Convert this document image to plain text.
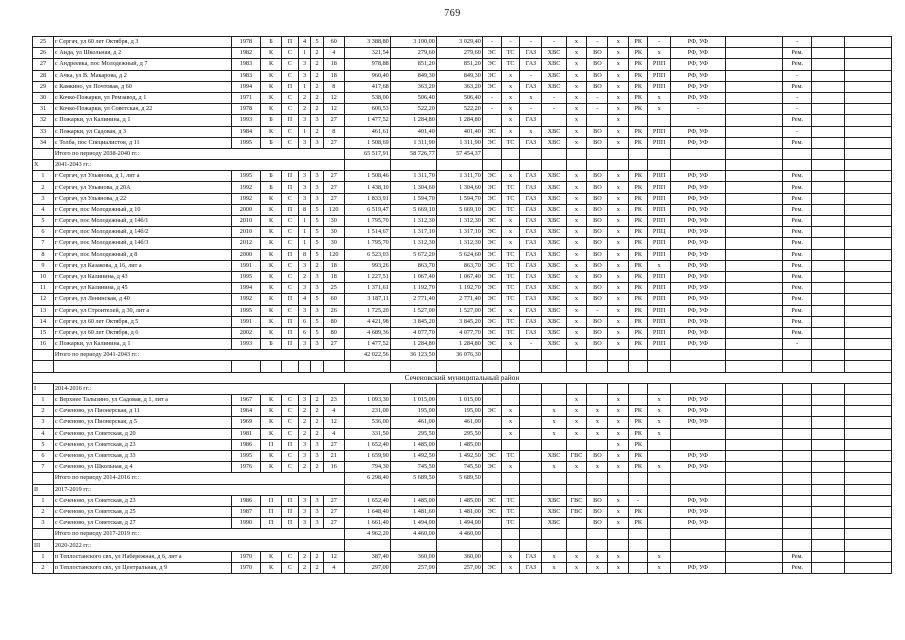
769
25	г Сергач, ул 60 лет Октября, д 3	1978	Б	П	4	5	60	3 388,80	3 100,00	3 029,40	-	-	-	-	х	-	х	РК	-	РФ, УФ		-		
26	с Аида, ул Школьная, д 2	1982	К	С	1	2	4	321,54	279,60	279,60	ЭС	ТС	ГАЗ	ХВС	х	ВО	х	РК	х	РФ, УФ		Рем.		
27	с Андреевка, пос Молодежный, д 7	1983	К	С	3	2	18	978,88	851,20	851,20	ЭС	ТС	ГАЗ	ХВС	х	ВО	х	РК	РПП	РФ, УФ		Рем.		
28	с Ачка, ул В. Макарова, д 2	1983	К	С	3	2	18	960,40	849,30	849,30	ЭС	х	-	ХВС	х	ВО	х	РК	РПП	РФ, УФ		-		
29	с Камкино, ул Почтовая, д 60	1994	К	П	1	2	8	417,68	363,20	363,20	ЭС	х	ГАЗ	ХВС	х	ВО	х	РК	РПП	РФ, УФ		Рем.		
30	с Кочко-Пожарки, ул Ремзавод, д 1	1971	К	С	2	2	12	538,00	506,40	506,40	-	х	х	-	х	-	х	РК	х	РФ, УФ		-		
31	с Кочко-Пожарки, ул Советская, д 22	1978	К	С	2	2	12	600,53	522,20	522,20	-	х	-	-	х	-	х	РК	х	-		-		
32	с Пожарки, ул Калинина, д 1	1993	Б	П	3	3	27	1 477,52	1 284,80	1 284,80		х	ГАЗ		х		х					Рем.		
33	с Пожарки, ул Садовая, д 3	1984	К	С	1	2	8	461,61	401,40	401,40	ЭС	х	х	ХВС	х	ВО	х	РК	РПП	РФ, УФ		-		
34	с Толба, пос Специалистов, д 11	1995	Б	С	3	3	27	1 508,69	1 311,90	1 311,90	ЭС	ТС	ГАЗ	ХВС	х	ВО	х	РК	РПП	РФ, УФ		Рем.		
	Итого по периоду 2038-2040 гг.:							65 517,91	58 726,77	57 454,37														
X	2041-2043 гг.:																							
1	г Сергач, ул Ульянова, д 1, лит а	1995	Б	П	3	3	27	1 508,46	1 311,70	1 311,70	ЭС	х	ГАЗ	ХВС	х	ВО	х	РК	РПП	РФ, УФ		Рем.		
2	г Сергач, ул Ульянова, д 20А	1992	Б	П	3	3	27	1 438,10	1 304,60	1 304,60	ЭС	ТС	ГАЗ	ХВС	х	ВО	х	РК	РПП	РФ, УФ		Рем.		
3	г Сергач, ул Ульянова, д 22	1992	К	С	3	3	27	1 833,91	1 594,70	1 594,70	ЭС	ТС	ГАЗ	ХВС	х	ВО	х	РК	РПП	РФ, УФ		Рем.		
4	г Сергач, пос Молодежный, д 10	2000	К	П	8	5	120	6 519,47	5 669,10	5 669,10	ЭС	ТС	ГАЗ	ХВС	х	ВО	х	РК	РПП	РФ, УФ		Рем.		
5	г Сергач, пос Молодежный, д 14б/1	2010	К	С	1	5	30	1 795,70	1 312,30	1 312,30	ЭС	х	ГАЗ	ХВС	х	ВО	х	РК	РПП	РФ, УФ		Рем.		
6	г Сергач, пос Молодежный, д 14б/2	2010	К	С	1	5	30	1 514,67	1 317,10	1 317,10	ЭС	х	ГАЗ	ХВС	х	ВО	х	РК	РПЦ	РФ, УФ		Рем.		
7	г Сергач, пос Молодежный, д 14б/3	2012	К	С	1	5	30	1 795,70	1 312,30	1 312,30	ЭС	х	ГАЗ	ХВС	х	ВО	х	РК	РПП	РФ, УФ		Рем.		
8	г Сергач, пос Молодежный, д 8	2000	К	П	8	5	120	6 523,03	5 672,20	5 624,60	ЭС	ТС	ГАЗ	ХВС	х	ВО	х	РК	РПП	РФ, УФ		Рем.		
9	г Сергач, ул Казакова, д 16, лит а	1991	К	С	3	2	18	993,26	863,70	863,70	ЭС	ТС	ГАЗ	ХВС	х	ВО	х	РК	х	РФ, УФ		Рем.		
10	г Сергач, ул Калинина, д 43	1995	К	С	2	3	18	1 227,51	1 067,40	1 067,40	ЭС	ТС	ГАЗ	ХВС	х	ВО	х	РК	РПП	РФ, УФ		Рем.		
11	г Сергач, ул Калинина, д 45	1994	К	С	3	3	25	1 371,61	1 192,70	1 192,70	ЭС	ТС	ГАЗ	ХВС	х	ВО	х	РК	РПП	РФ, УФ		Рем.		
12	г Сергач, ул Ленинская, д 40	1992	К	П	4	5	60	3 187,11	2 771,40	2 771,40	ЭС	ТС	ГАЗ	ХВС	х	ВО	х	РК	РПП	РФ, УФ		Рем.		
13	г Сергач, ул Строителей, д 30, лит а	1995	К	С	3	3	26	1 725,20	1 527,00	1 527,00	ЭС	х	ГАЗ	ХВС	х	-	х	РК	РПП	РФ, УФ		Рем.		
14	г Сергач, ул 60 лет Октября, д 5	1991	К	П	6	5	80	4 421,98	3 845,20	3 845,20	ЭС	ТС	ГАЗ	ХВС	х	ВО	х	РК	РПП	РФ, УФ		Рем.		
15	г Сергач, ул 60 лет Октября, д 6	2002	К	П	6	5	80	4 689,36	4 077,70	4 077,70	ЭС	ТС	ГАЗ	ХВС	х	ВО	х	РК	РПП	РФ, УФ		Рем.		
16	с Пожарки, ул Калинина, д 1	1993	Б	П	3	3	27	1 477,52	1 284,80	1 284,80	ЭС	х	-	ХВС	х	ВО	х	РК	РПП	РФ, УФ		-		
	Итого по периоду 2041-2043 гг.:							42 022,56	36 123,50	36 076,30														

Сеченовский муниципальный район																								
I	2014-2016 гг.:																							
1	с Верхнее Талызино, ул Садовая, д 1, лит а	1967	К	С	3	2	23	1 093,30	1 015,00	1 015,00					х		х		х	РФ, УФ				
2	с Сеченово, ул Пионерская, д 11	1964	К	С	2	2	4	231,00	195,00	195,00	ЭС	х		х	х	х	х	РК	х	РФ, УФ				
3	с Сеченово, ул Пионерская, д 5	1969	К	С	2	2	12	536,00	461,00	461,00		х		х	х	х	х	РК	х	РФ, УФ				
4	с Сеченово, ул Советская, д 20	1981	К	С	2	2	4	331,50	295,50	295,50		х		х	х	х	х	РК	х					
5	с Сеченово, ул Советская, д 23	1986	П	П	3	3	27	1 652,40	1 485,00	1 485,00							х	РК						
6	с Сеченово, ул Советская, д 33	1995	К	С	3	3	21	1 659,90	1 492,50	1 492,50	ЭС	ТС		ХВС	ГВС	ВО	х	РК		РФ, УФ				
7	с Сеченово, ул Школьная, д 4	1976	К	С	2	2	16	794,30	745,50	745,50	ЭС	х		х	х	х	х	РК	х	РФ, УФ				
	Итого по периоду 2014-2016 гг.:							6 298,40	5 689,50	5 689,50														
II	2017-2019 гг.:																							
1	с Сеченово, ул Советская, д 23	1986	П	П	3	3	27	1 652,40	1 485,00	1 485,00	ЭС	ТС		ХВС	ГВС	ВО	х	-		РФ, УФ				
2	с Сеченово, ул Советская, д 25	1987	П	П	3	3	27	1 648,40	1 481,60	1 481,00	ЭС	ТС		ХВС	ГВС	ВО	х	РК		РФ, УФ				
3	с Сеченово, ул Советская, д 27	1990	П	П	3	3	27	1 661,40	1 494,00	1 494,00		ТС		ХВС		ВО	х	РК		РФ, УФ				
	Итого по периоду 2017-2019 гг.:							4 962,20	4 460,00	4 460,00														
III	2020-2022 гг.:																							
1	п Теплостанского свх, ул Набережная, д 6, лит а	1970	К	С	2	2	12	387,40	360,00	360,00		х	ГАЗ	х	х	х	х		х			Рем.		
2	п Теплостанского свх, ул Центральная, д 9	1970	К	С	2	2	4	297,00	257,00	257,00	ЭС	х	ГАЗ	х	х	х	х		х	РФ, УФ		Рем.		
